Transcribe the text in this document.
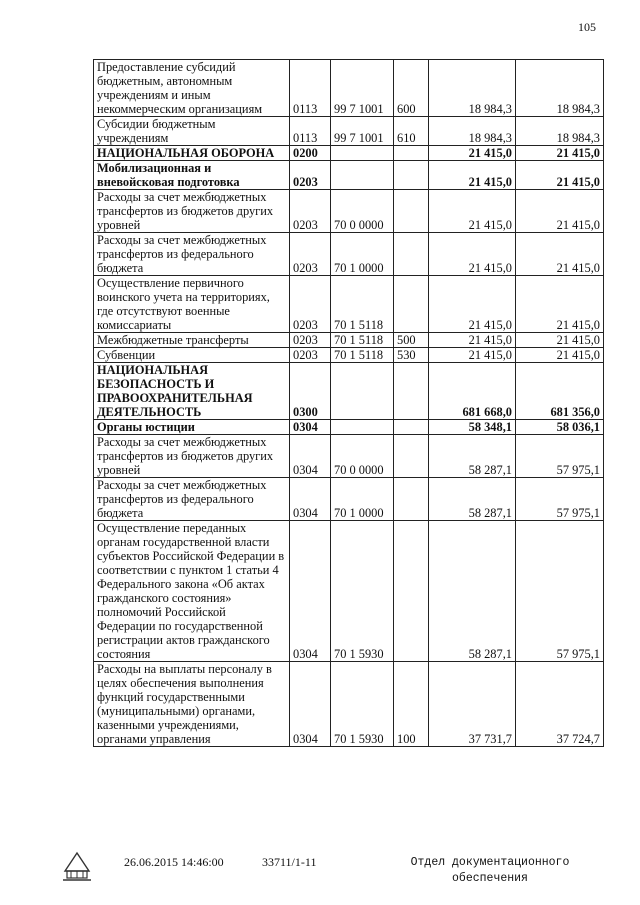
105
Предоставление субсидий бюджетным, автономным учреждениям и иным некоммерческим организациям	0113	99 7 1001	600	18 984,3	18 984,3
Субсидии бюджетным учреждениям	0113	99 7 1001	610	18 984,3	18 984,3
НАЦИОНАЛЬНАЯ ОБОРОНА	0200			21 415,0	21 415,0
Мобилизационная и вневойсковая подготовка	0203			21 415,0	21 415,0
Расходы за счет межбюджетных трансфертов из бюджетов других уровней	0203	70 0 0000		21 415,0	21 415,0
Расходы за счет межбюджетных трансфертов из федерального бюджета	0203	70 1 0000		21 415,0	21 415,0
Осуществление первичного воинского учета на территориях, где отсутствуют военные комиссариаты	0203	70 1 5118		21 415,0	21 415,0
Межбюджетные трансферты	0203	70 1 5118	500	21 415,0	21 415,0
Субвенции	0203	70 1 5118	530	21 415,0	21 415,0
НАЦИОНАЛЬНАЯ БЕЗОПАСНОСТЬ И ПРАВООХРАНИТЕЛЬНАЯ ДЕЯТЕЛЬНОСТЬ	0300			681 668,0	681 356,0
Органы юстиции	0304			58 348,1	58 036,1
Расходы за счет межбюджетных трансфертов из бюджетов других уровней	0304	70 0 0000		58 287,1	57 975,1
Расходы за счет межбюджетных трансфертов из федерального бюджета	0304	70 1 0000		58 287,1	57 975,1
Осуществление переданных органам государственной власти субъектов Российской Федерации в соответствии с пунктом 1 статьи 4 Федерального закона «Об актах гражданского состояния» полномочий Российской Федерации по государственной регистрации актов гражданского состояния	0304	70 1 5930		58 287,1	57 975,1
Расходы на выплаты персоналу в целях обеспечения выполнения функций государственными (муниципальными) органами, казенными учреждениями, органами управления	0304	70 1 5930	100	37 731,7	37 724,7
26.06.2015 14:46:00	33711/1-11	Отдел документационного
обеспечения
